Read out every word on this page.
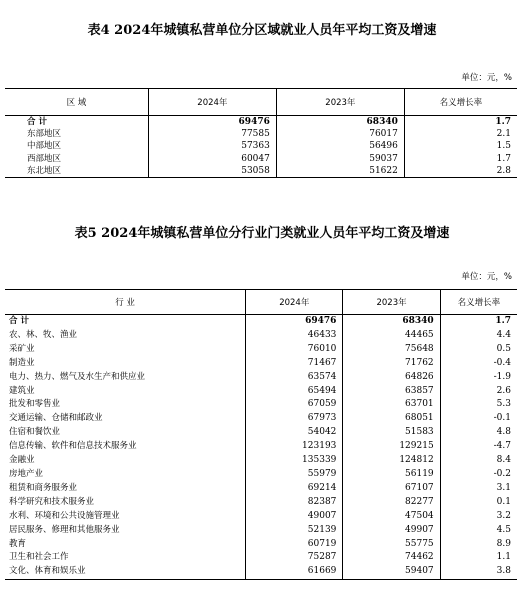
表4 2024年城镇私营单位分区域就业人员年平均工资及增速
单位：元，%
区 域	2024年	2023年	名义增长率
合 计	69476	68340	1.7
东部地区	77585	76017	2.1
中部地区	57363	56496	1.5
西部地区	60047	59037	1.7
东北地区	53058	51622	2.8
表5 2024年城镇私营单位分行业门类就业人员年平均工资及增速
单位：元，%
行 业	2024年	2023年	名义增长率
合 计	69476	68340	1.7
农、林、牧、渔业	46433	44465	4.4
采矿业	76010	75648	0.5
制造业	71467	71762	-0.4
电力、热力、燃气及水生产和供应业	63574	64826	-1.9
建筑业	65494	63857	2.6
批发和零售业	67059	63701	5.3
交通运输、仓储和邮政业	67973	68051	-0.1
住宿和餐饮业	54042	51583	4.8
信息传输、软件和信息技术服务业	123193	129215	-4.7
金融业	135339	124812	8.4
房地产业	55979	56119	-0.2
租赁和商务服务业	69214	67107	3.1
科学研究和技术服务业	82387	82277	0.1
水利、环境和公共设施管理业	49007	47504	3.2
居民服务、修理和其他服务业	52139	49907	4.5
教育	60719	55775	8.9
卫生和社会工作	75287	74462	1.1
文化、体育和娱乐业	61669	59407	3.8
